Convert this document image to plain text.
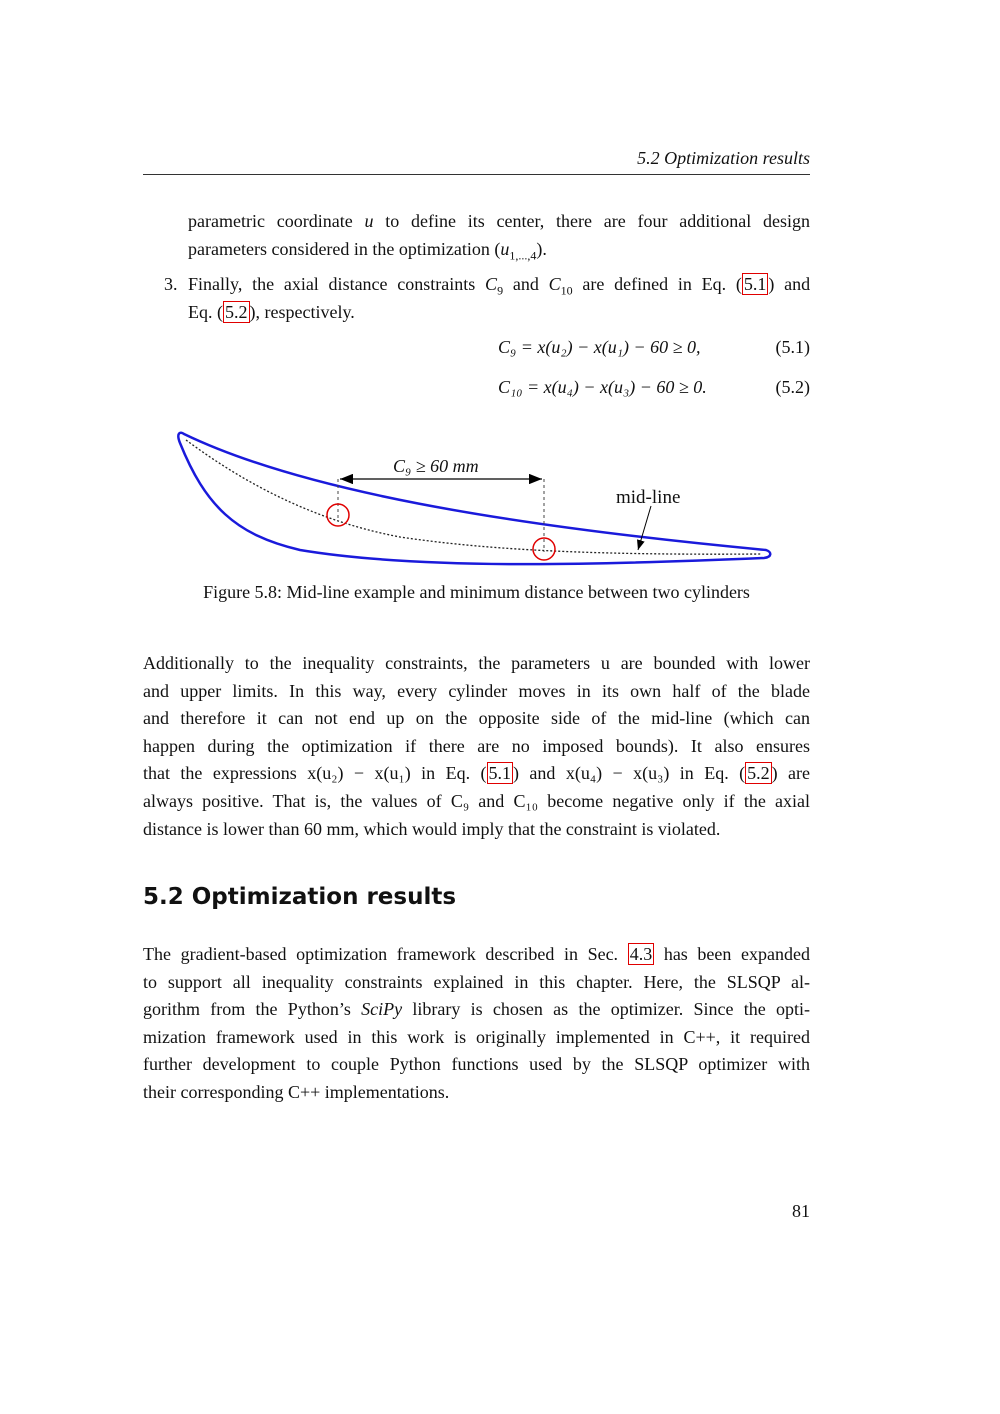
5.2 Optimization results
parametric coordinate u to define its center, there are four additional design
parameters considered in the optimization $(u_{1,...,4})$.
3. Finally, the axial distance constraints $C_9$ and $C_{10}$ are defined in Eq. ( 5.1 ) and
Eq. ( 5.2 ), respectively.
C₉ = x(u₂) − x(u₁) − 60 ≥ 0,	(5.1)
C₁₀ = x(u₄) − x(u₃) − 60 ≥ 0.	(5.2)
C₉ ≥ 60 mm
mid-line
Figure 5.8: Mid-line example and minimum distance between two cylinders
Additionally to the inequality constraints, the parameters u are bounded with lower
and upper limits. In this way, every cylinder moves in its own half of the blade
and therefore it can not end up on the opposite side of the mid-line (which can
happen during the optimization if there are no imposed bounds). It also ensures
that the expressions x(u₂) − x(u₁) in Eq. ( 5.1 ) and x(u₄) − x(u₃) in Eq. ( 5.2 ) are
always positive. That is, the values of C₉ and C₁₀ become negative only if the axial
distance is lower than 60 mm, which would imply that the constraint is violated.
5.2 Optimization results
The gradient-based optimization framework described in Sec. 4.3 has been expanded
to support all inequality constraints explained in this chapter. Here, the SLSQP al-
gorithm from the Python’s SciPy library is chosen as the optimizer. Since the opti-
mization framework used in this work is originally implemented in C++, it required
further development to couple Python functions used by the SLSQP optimizer with
their corresponding C++ implementations.
81
